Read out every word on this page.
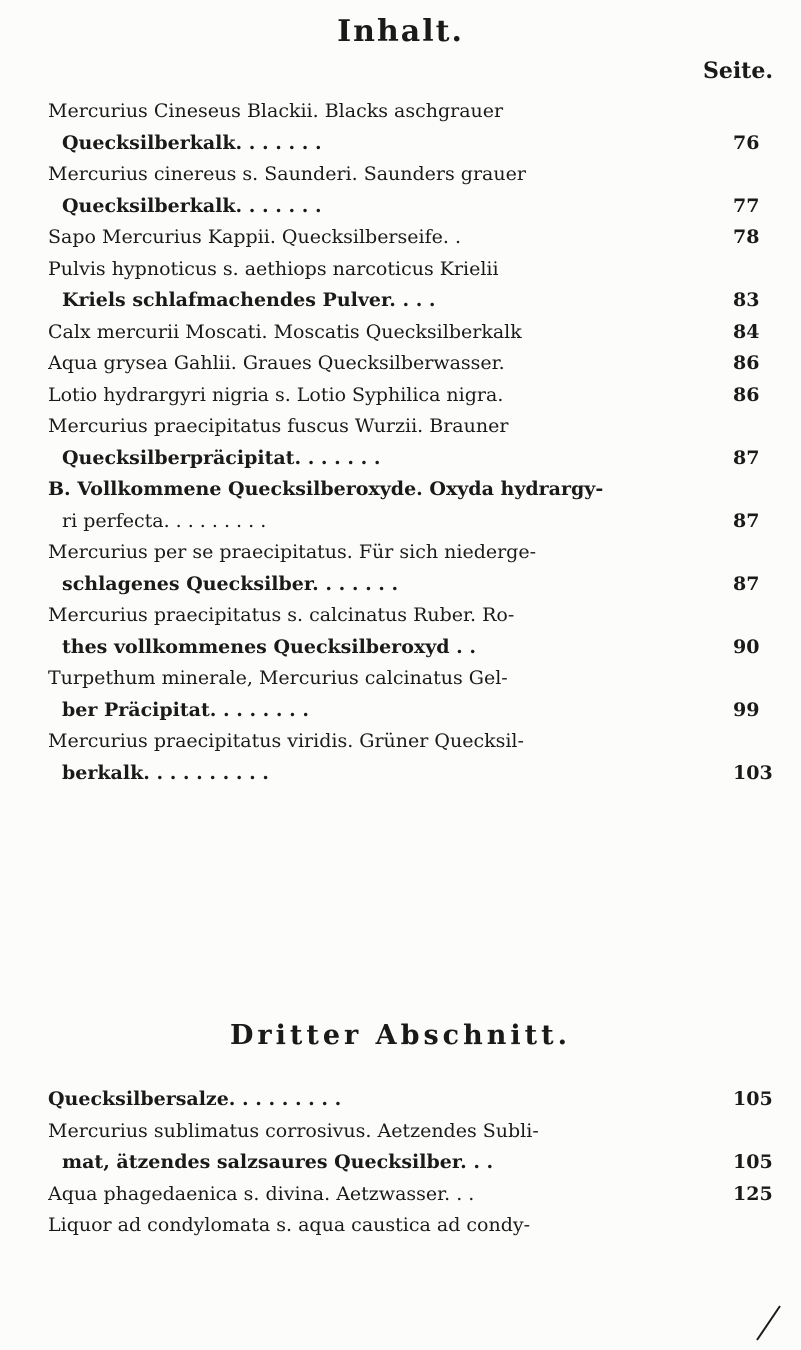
Inhalt.
Seite.
Mercurius Cineseus Blackii. Blacks aschgrauer
Quecksilberkalk. . . . . . .	76
Mercurius cinereus s. Saunderi. Saunders grauer
Quecksilberkalk. . . . . . .	77
Sapo Mercurius Kappii. Quecksilberseife. .	78
Pulvis hypnoticus s. aethiops narcoticus Krielii
Kriels schlafmachendes Pulver. . . .	83
Calx mercurii Moscati. Moscatis Quecksilberkalk	84
Aqua grysea Gahlii. Graues Quecksilberwasser.	86
Lotio hydrargyri nigria s. Lotio Syphilica nigra.	86
Mercurius praecipitatus fuscus Wurzii. Brauner
Quecksilberpräcipitat. . . . . . .	87
B. Vollkommene Quecksilberoxyde. Oxyda hydrargy-
ri perfecta. . . . . . . . .	87
Mercurius per se praecipitatus. Für sich niederge-
schlagenes Quecksilber. . . . . . .	87
Mercurius praecipitatus s. calcinatus Ruber. Ro-
thes vollkommenes Quecksilberoxyd . .	90
Turpethum minerale, Mercurius calcinatus Gel-
ber Präcipitat. . . . . . . .	99
Mercurius praecipitatus viridis. Grüner Quecksil-
berkalk. . . . . . . . . .	103
Dritter Abschnitt.
Quecksilbersalze. . . . . . . . .	105
Mercurius sublimatus corrosivus. Aetzendes Subli-
mat, ätzendes salzsaures Quecksilber. . .	105
Aqua phagedaenica s. divina. Aetzwasser. . .	125
Liquor ad condylomata s. aqua caustica ad condy-
